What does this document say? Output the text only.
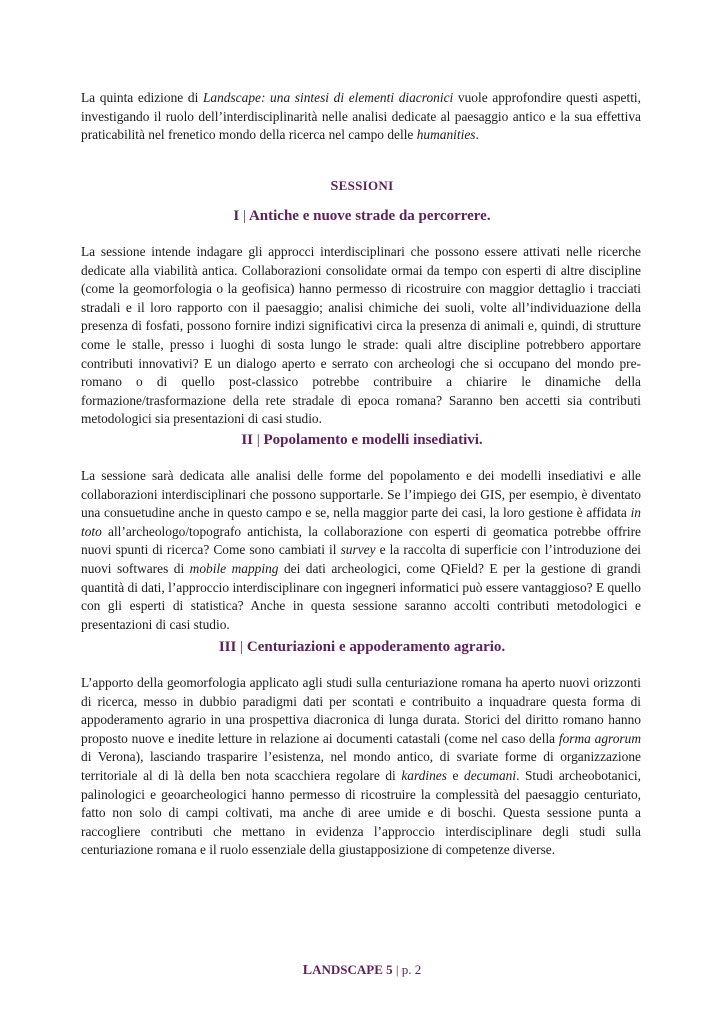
La quinta edizione di Landscape: una sintesi di elementi diacronici vuole approfondire questi aspetti, investigando il ruolo dell’interdisciplinarità nelle analisi dedicate al paesaggio antico e la sua effettiva praticabilità nel frenetico mondo della ricerca nel campo delle humanities.

SESSIONI
I | Antiche e nuove strade da percorrere.

La sessione intende indagare gli approcci interdisciplinari che possono essere attivati nelle ricerche dedicate alla viabilità antica. Collaborazioni consolidate ormai da tempo con esperti di altre discipline (come la geomorfologia o la geofisica) hanno permesso di ricostruire con maggior dettaglio i tracciati stradali e il loro rapporto con il paesaggio; analisi chimiche dei suoli, volte all’individuazione della presenza di fosfati, possono fornire indizi significativi circa la presenza di animali e, quindi, di strutture come le stalle, presso i luoghi di sosta lungo le strade: quali altre discipline potrebbero apportare contributi innovativi? E un dialogo aperto e serrato con archeologi che si occupano del mondo pre-romano o di quello post-classico potrebbe contribuire a chiarire le dinamiche della formazione/trasformazione della rete stradale di epoca romana? Saranno ben accetti sia contributi metodologici sia presentazioni di casi studio.

II | Popolamento e modelli insediativi.

La sessione sarà dedicata alle analisi delle forme del popolamento e dei modelli insediativi e alle collaborazioni interdisciplinari che possono supportarle. Se l’impiego dei GIS, per esempio, è diventato una consuetudine anche in questo campo e se, nella maggior parte dei casi, la loro gestione è affidata in toto all’archeologo/topografo antichista, la collaborazione con esperti di geomatica potrebbe offrire nuovi spunti di ricerca? Come sono cambiati il survey e la raccolta di superficie con l’introduzione dei nuovi softwares di mobile mapping dei dati archeologici, come QField? E per la gestione di grandi quantità di dati, l’approccio interdisciplinare con ingegneri informatici può essere vantaggioso? E quello con gli esperti di statistica? Anche in questa sessione saranno accolti contributi metodologici e presentazioni di casi studio.

III | Centuriazioni e appoderamento agrario.

L’apporto della geomorfologia applicato agli studi sulla centuriazione romana ha aperto nuovi orizzonti di ricerca, messo in dubbio paradigmi dati per scontati e contribuito a inquadrare questa forma di appoderamento agrario in una prospettiva diacronica di lunga durata. Storici del diritto romano hanno proposto nuove e inedite letture in relazione ai documenti catastali (come nel caso della forma agrorum di Verona), lasciando trasparire l’esistenza, nel mondo antico, di svariate forme di organizzazione territoriale al di là della ben nota scacchiera regolare di kardines e decumani. Studi archeobotanici, palinologici e geoarcheologici hanno permesso di ricostruire la complessità del paesaggio centuriato, fatto non solo di campi coltivati, ma anche di aree umide e di boschi. Questa sessione punta a raccogliere contributi che mettano in evidenza l’approccio interdisciplinare degli studi sulla centuriazione romana e il ruolo essenziale della giustapposizione di competenze diverse.

LANDSCAPE 5 | p. 2
